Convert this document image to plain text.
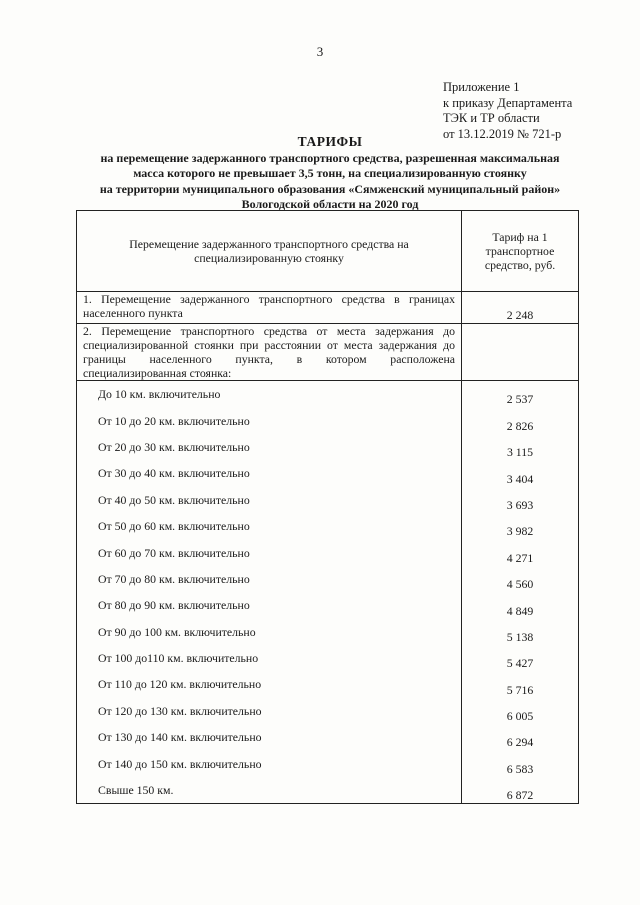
3
Приложение 1
к приказу Департамента
ТЭК и ТР области
от 13.12.2019 № 721-р
ТАРИФЫ
на перемещение задержанного транспортного средства, разрешенная максимальная
масса которого не превышает 3,5 тонн, на специализированную стоянку
на территории муниципального образования «Сямженский муниципальный район»
Вологодской области на 2020 год
Перемещение задержанного транспортного средства на специализированную стоянку	Тариф на 1 транспортное средство, руб.
1. Перемещение задержанного транспортного средства в границах населенного пункта	2 248
2. Перемещение транспортного средства от места задержания до специализированной стоянки при расстоянии от места задержания до границы населенного пункта, в котором расположена специализированная стоянка:	
До 10 км. включительно	2 537
От 10 до 20 км. включительно	2 826
От 20 до 30 км. включительно	3 115
От 30 до 40 км. включительно	3 404
От 40 до 50 км. включительно	3 693
От 50 до 60 км. включительно	3 982
От 60 до 70 км. включительно	4 271
От 70 до 80 км. включительно	4 560
От 80 до 90 км. включительно	4 849
От 90 до 100 км. включительно	5 138
От 100 до110 км. включительно	5 427
От 110 до 120 км. включительно	5 716
От 120 до 130 км. включительно	6 005
От 130 до 140 км. включительно	6 294
От 140 до 150 км. включительно	6 583
Свыше 150 км.	6 872
